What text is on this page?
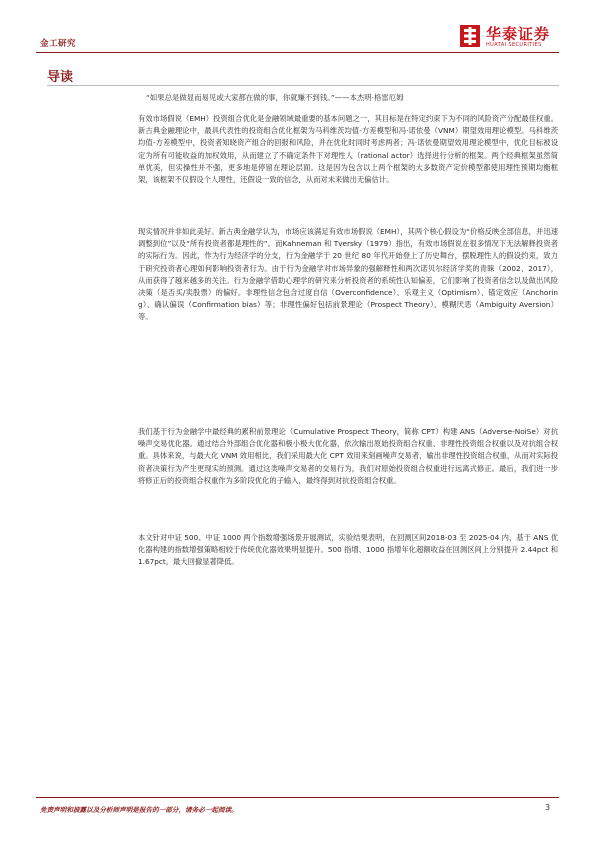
金工研究
华泰证券
HUATAI SECURITIES
导读
“如果总是做显而易见或大家都在做的事，你就赚不到钱。”——本杰明·格雷厄姆
有效市场假说（EMH）投资组合优化是金融领域最重要的基本问题之一，其目标是在特定约束下为不同的风险资产分配最佳权重。新古典金融理论中，最具代表性的投资组合优化框架为马科维茨均值-方差模型和冯·诺依曼（VNM）期望效用理论模型。马科维茨均值-方差模型中，投资者知晓资产组合的回报和风险，并在优化时同时考虑两者；冯·诺依曼期望效用理论模型中，优化目标被设定为所有可能收益的加权效用，从而建立了不确定条件下对理性人（rational actor）选择进行分析的框架。两个经典框架虽然简单优美，但实操性并不强，更多地是停留在理论层面。这是因为包含以上两个框架的大多数资产定价模型都使用理性预期均衡框架，该框架不仅假设个人理性，还假设一致的信念，从而对未来做出无偏估计。
现实情况并非如此美好。新古典金融学认为，市场应该满足有效市场假说（EMH），其两个核心假设为“价格反映全部信息，并迅速调整到位”以及“所有投资者都是理性的”。而Kahneman 和 Tversky（1979）指出，有效市场假说在很多情况下无法解释投资者的实际行为。因此，作为行为经济学的分支，行为金融学于 20 世纪 80 年代开始登上了历史舞台，摆脱理性人的假设约束，致力于研究投资者心理如何影响投资者行为。由于行为金融学对市场异象的强解释性和两次诺贝尔经济学奖的青睐（2002、2017），从而获得了越来越多的关注。行为金融学借助心理学的研究来分析投资者的系统性认知偏差，它们影响了投资者信念以及做出风险决策（是否买/卖股票）的偏好。非理性信念包含过度自信（Overconfidence）、乐观主义（Optimism）、锚定效应（Anchoring）、确认偏误（Confirmation bias）等；非理性偏好包括前景理论（Prospect Theory）、模糊厌恶（Ambiguity Aversion）等。
我们基于行为金融学中最经典的累积前景理论（Cumulative Prospect Theory，简称 CPT）构建 ANS（Adverse-NoiSe）对抗噪声交易优化器。通过结合外部组合优化器和极小极大优化器，依次输出原始投资组合权重、非理性投资组合权重以及对抗组合权重。具体来说，与最大化 VNM 效用相比，我们采用最大化 CPT 效用来刻画噪声交易者，输出非理性投资组合权重，从而对实际投资者决策行为产生更现实的预测。通过这类噪声交易者的交易行为，我们对原始投资组合权重进行远离式修正。最后，我们进一步将修正后的投资组合权重作为多阶段优化的子输入，最终得到对抗投资组合权重。
本文针对中证 500、中证 1000 两个指数增强场景开展测试，实验结果表明，在回测区间2018-03 至 2025-04 内，基于 ANS 优化器构建的指数增强策略相较于传统优化器效果明显提升。500 指增、1000 指增年化超额收益在回测区间上分别提升 2.44pct 和 1.67pct，最大回撤显著降低。
免责声明和披露以及分析师声明是报告的一部分，请务必一起阅读。	3
